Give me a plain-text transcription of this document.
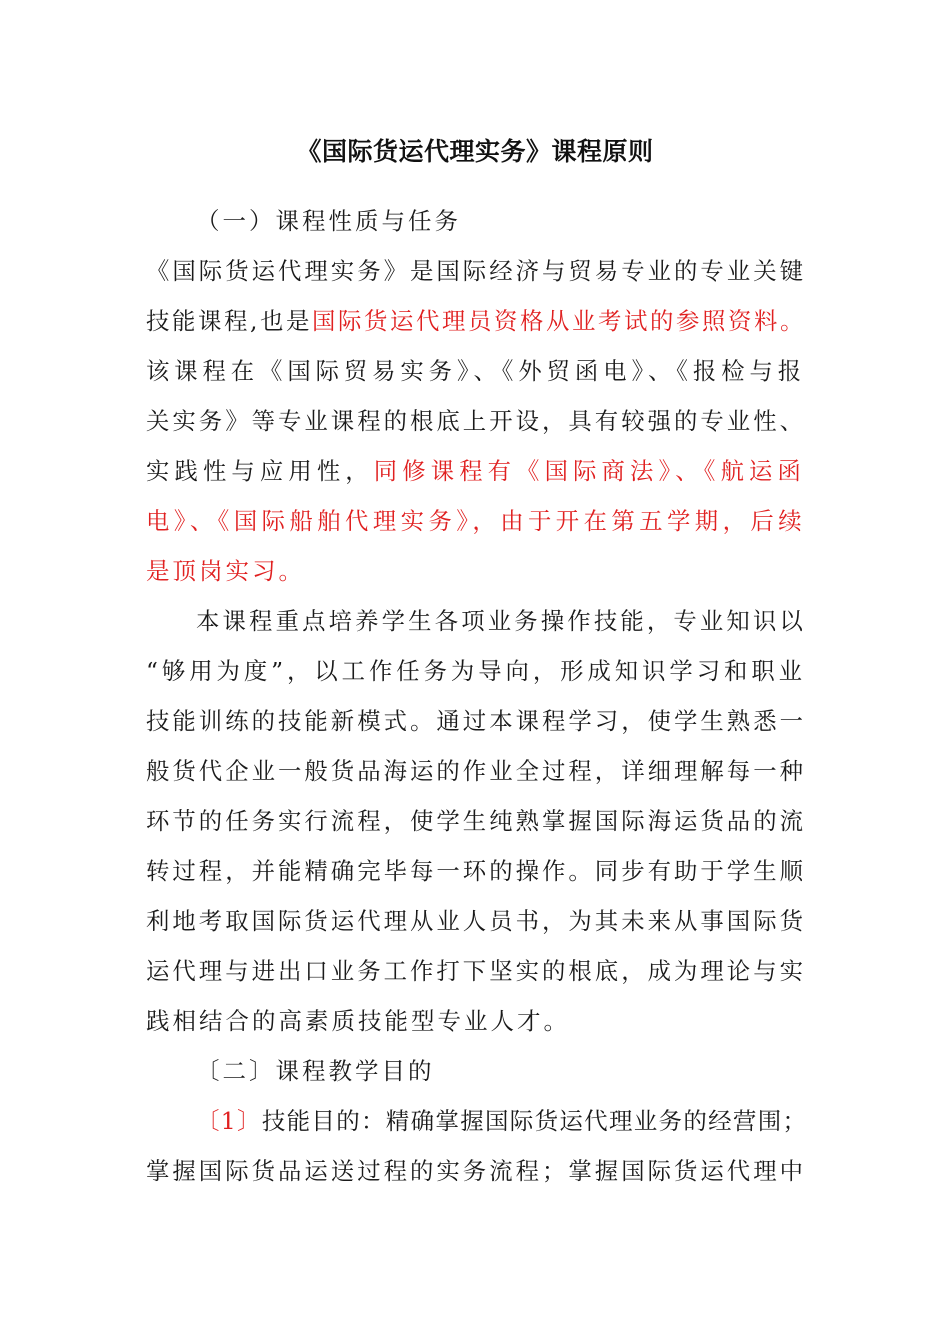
《国际货运代理实务》课程原则
（一）课程性质与任务
《国际货运代理实务》是国际经济与贸易专业的专业关键
技能课程,也是国际货运代理员资格从业考试的参照资料。
该课程在《国际贸易实务》、《外贸函电》、《报检与报
关实务》等专业课程的根底上开设，具有较强的专业性、
实践性与应用性，同修课程有《国际商法》、《航运函
电》、《国际船舶代理实务》，由于开在第五学期，后续
是顶岗实习。
本课程重点培养学生各项业务操作技能，专业知识以
“够用为度”，以工作任务为导向，形成知识学习和职业
技能训练的技能新模式。通过本课程学习，使学生熟悉一
般货代企业一般货品海运的作业全过程，详细理解每一种
环节的任务实行流程，使学生纯熟掌握国际海运货品的流
转过程，并能精确完毕每一环的操作。同步有助于学生顺
利地考取国际货运代理从业人员书，为其未来从事国际货
运代理与进出口业务工作打下坚实的根底，成为理论与实
践相结合的高素质技能型专业人才。
〔二〕课程教学目的
〔1〕技能目的：精确掌握国际货运代理业务的经营围；
掌握国际货品运送过程的实务流程；掌握国际货运代理中
